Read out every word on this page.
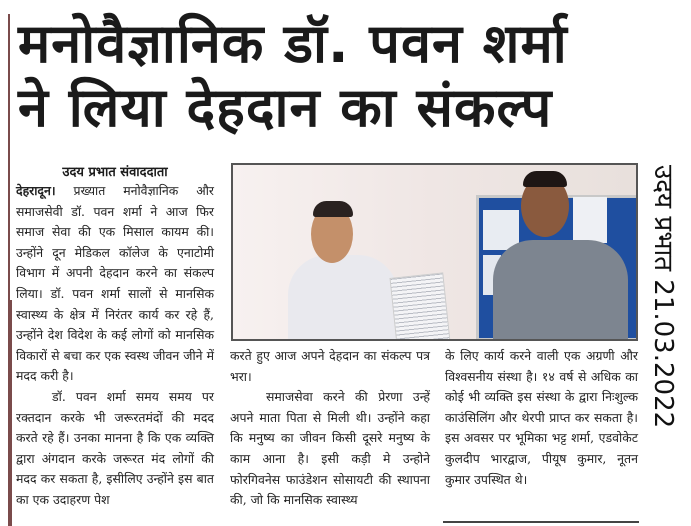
मनोवैज्ञानिक डॉ. पवन शर्मा
ने लिया देहदान का संकल्प
उदय प्रभात संवाददाता

देहरादून। प्रख्यात मनोवैज्ञानिक और समाजसेवी डॉ. पवन शर्मा ने आज फिर समाज सेवा की एक मिसाल कायम की। उन्होंने दून मेडिकल कॉलेज के एनाटोमी विभाग में अपनी देहदान करने का संकल्प लिया। डॉ. पवन शर्मा सालों से मानसिक स्वास्थ्य के क्षेत्र में निरंतर कार्य कर रहे हैं, उन्होंने देश विदेश के कई लोगों को मानसिक विकारों से बचा कर एक स्वस्थ जीवन जीने में मदद करी है।

डॉ. पवन शर्मा समय समय पर रक्तदान करके भी जरूरतमंदों की मदद करते रहे हैं। उनका मानना है कि एक व्यक्ति द्वारा अंगदान करके जरूरत मंद लोगों की मदद कर सकता है, इसीलिए उन्होंने इस बात का एक उदाहरण पेश

करते हुए आज अपने देहदान का संकल्प पत्र भरा।

समाजसेवा करने की प्रेरणा उन्हें अपने माता पिता से मिली थी। उन्होंने कहा कि मनुष्य का जीवन किसी दूसरे मनुष्य के काम आना है। इसी कड़ी मे उन्होने फोरगिवनेस फाउंडेशन सोसायटी की स्थापना की, जो कि मानसिक स्वास्थ्य

के लिए कार्य करने वाली एक अग्रणी और विश्वसनीय संस्था है। १४ वर्ष से अधिक का कोई भी व्यक्ति इस संस्था के द्वारा निःशुल्क काउंसिलिंग और थेरपी प्राप्त कर सकता है। इस अवसर पर भूमिका भट्ट शर्मा, एडवोकेट कुलदीप भारद्वाज, पीयूष कुमार, नूतन कुमार उपस्थित थे।

उदय प्रभात 21.03.2022
